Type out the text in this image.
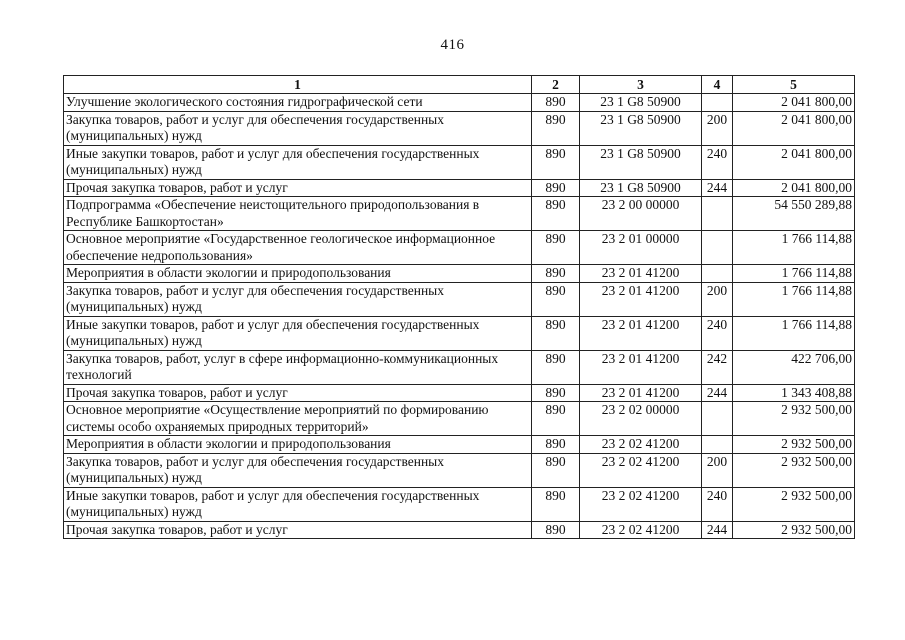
416
1	2	3	4	5
Улучшение экологического состояния гидрографической сети	890	23 1 G8 50900		2 041 800,00
Закупка товаров, работ и услуг для обеспечения государственных (муниципальных) нужд	890	23 1 G8 50900	200	2 041 800,00
Иные закупки товаров, работ и услуг для обеспечения государственных (муниципальных) нужд	890	23 1 G8 50900	240	2 041 800,00
Прочая закупка товаров, работ и услуг	890	23 1 G8 50900	244	2 041 800,00
Подпрограмма «Обеспечение неистощительного природопользования в Республике Башкортостан»	890	23 2 00 00000		54 550 289,88
Основное мероприятие «Государственное геологическое информационное обеспечение недропользования»	890	23 2 01 00000		1 766 114,88
Мероприятия в области экологии и природопользования	890	23 2 01 41200		1 766 114,88
Закупка товаров, работ и услуг для обеспечения государственных (муниципальных) нужд	890	23 2 01 41200	200	1 766 114,88
Иные закупки товаров, работ и услуг для обеспечения государственных (муниципальных) нужд	890	23 2 01 41200	240	1 766 114,88
Закупка товаров, работ, услуг в сфере информационно-коммуникационных технологий	890	23 2 01 41200	242	422 706,00
Прочая закупка товаров, работ и услуг	890	23 2 01 41200	244	1 343 408,88
Основное мероприятие «Осуществление мероприятий по формированию системы особо охраняемых природных территорий»	890	23 2 02 00000		2 932 500,00
Мероприятия в области экологии и природопользования	890	23 2 02 41200		2 932 500,00
Закупка товаров, работ и услуг для обеспечения государственных (муниципальных) нужд	890	23 2 02 41200	200	2 932 500,00
Иные закупки товаров, работ и услуг для обеспечения государственных (муниципальных) нужд	890	23 2 02 41200	240	2 932 500,00
Прочая закупка товаров, работ и услуг	890	23 2 02 41200	244	2 932 500,00
